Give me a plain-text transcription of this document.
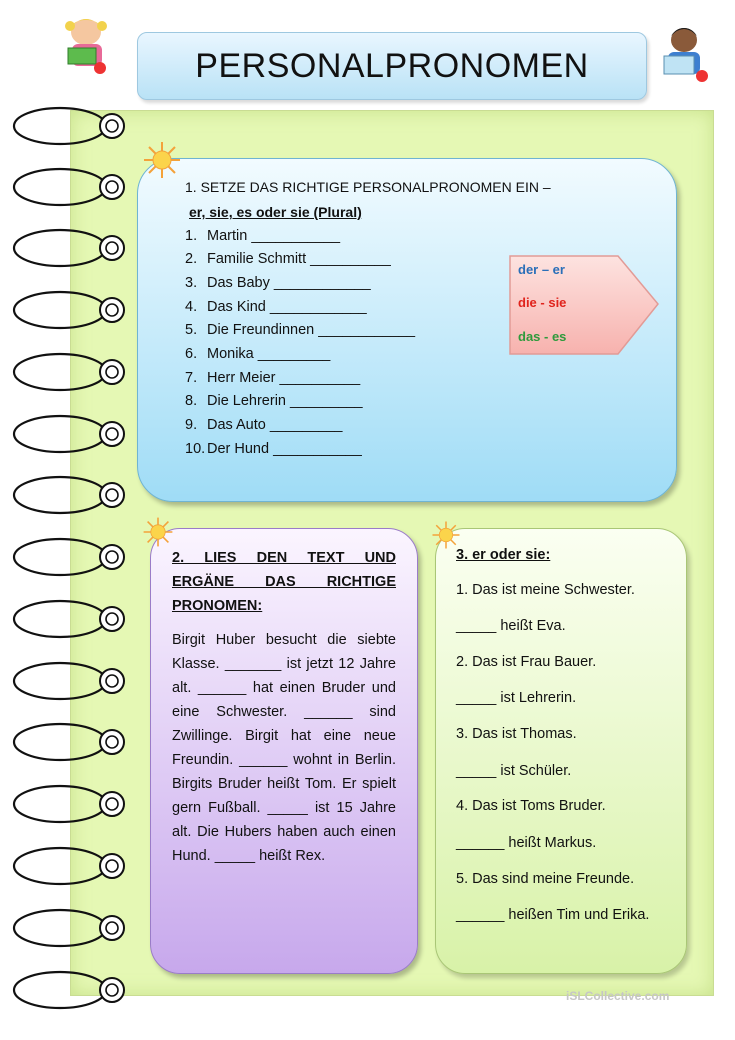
PERSONALPRONOMEN
1. SETZE DAS RICHTIGE PERSONALPRONOMEN EIN –
er, sie, es oder sie (Plural)
1. Martin ___________
2. Familie Schmitt __________
3. Das Baby ____________
4. Das Kind ____________
5. Die Freundinnen ____________
6. Monika _________
7. Herr Meier __________
8. Die Lehrerin _________
9. Das Auto _________
10. Der Hund ___________
der – er
die - sie
das - es
2. LIES DEN TEXT UND ERGÄNE DAS RICHTIGE PRONOMEN:
Birgit Huber besucht die siebte Klasse. _______ ist jetzt 12 Jahre alt. ______ hat einen Bruder und eine Schwester. ______ sind Zwillinge. Birgit hat eine neue Freundin. ______ wohnt in Berlin. Birgits Bruder heißt Tom. Er spielt gern Fußball. _____ ist 15 Jahre alt. Die Hubers haben auch einen Hund. _____ heißt Rex.
3. er oder sie:
1. Das ist meine Schwester.
_____ heißt Eva.
2. Das ist Frau Bauer.
_____ ist Lehrerin.
3. Das ist Thomas.
_____ ist Schüler.
4. Das ist Toms Bruder.
______ heißt Markus.
5. Das sind meine Freunde.
______ heißen Tim und Erika.
iSLCollective.com
